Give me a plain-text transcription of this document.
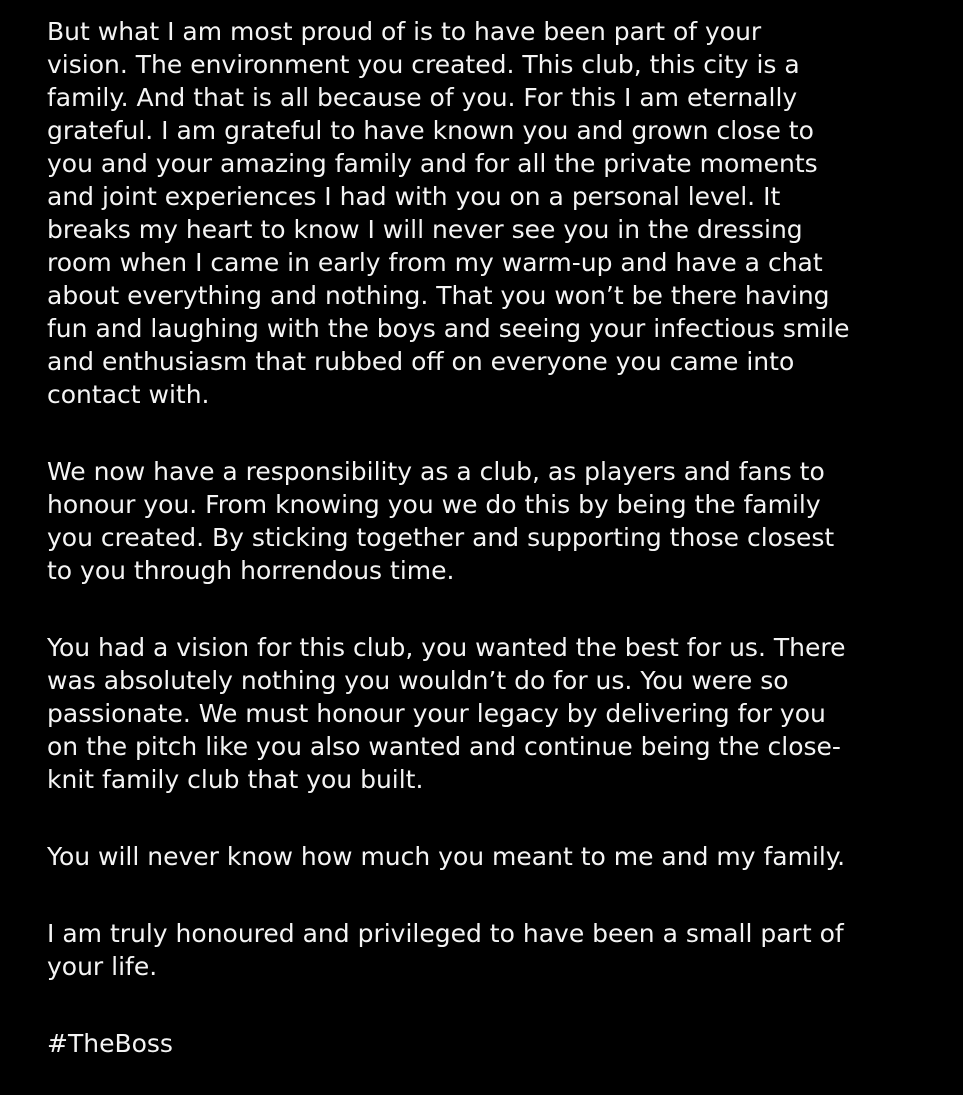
But what I am most proud of is to have been part of your
vision. The environment you created. This club, this city is a
family. And that is all because of you. For this I am eternally
grateful. I am grateful to have known you and grown close to
you and your amazing family and for all the private moments
and joint experiences I had with you on a personal level. It
breaks my heart to know I will never see you in the dressing
room when I came in early from my warm-up and have a chat
about everything and nothing. That you won’t be there having
fun and laughing with the boys and seeing your infectious smile
and enthusiasm that rubbed off on everyone you came into
contact with.

We now have a responsibility as a club, as players and fans to
honour you. From knowing you we do this by being the family
you created. By sticking together and supporting those closest
to you through horrendous time.

You had a vision for this club, you wanted the best for us. There
was absolutely nothing you wouldn’t do for us. You were so
passionate. We must honour your legacy by delivering for you
on the pitch like you also wanted and continue being the close-
knit family club that you built.

You will never know how much you meant to me and my family.

I am truly honoured and privileged to have been a small part of
your life.

#TheBoss
